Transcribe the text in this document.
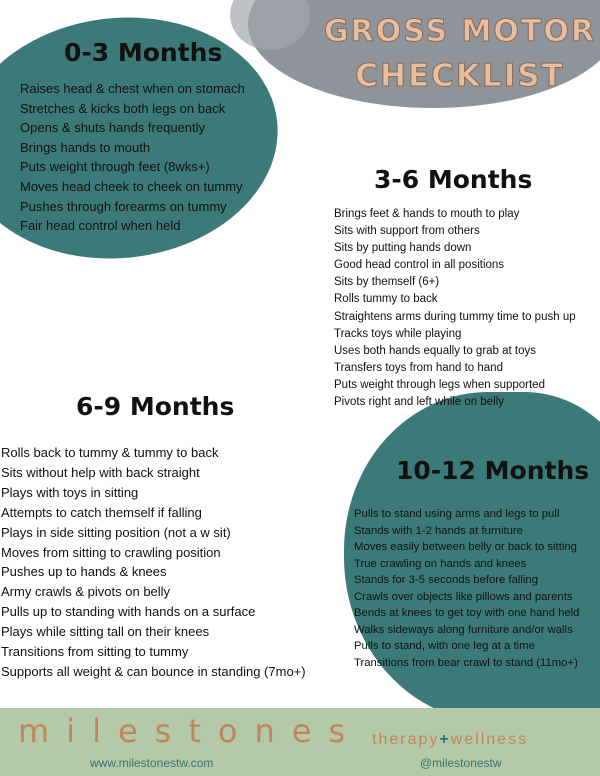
GROSS MOTOR
CHECKLIST
0-3 Months
Raises head & chest when on stomach
Stretches & kicks both legs on back
Opens & shuts hands frequently
Brings hands to mouth
Puts weight through feet (8wks+)
Moves head cheek to cheek on tummy
Pushes through forearms on tummy
Fair head control when held
3-6 Months
Brings feet & hands to mouth to play
Sits with support from others
Sits by putting hands down
Good head control in all positions
Sits by themself (6+)
Rolls tummy to back
Straightens arms during tummy time to push up
Tracks toys while playing
Uses both hands equally to grab at toys
Transfers toys from hand to hand
Puts weight through legs when supported
Pivots right and left while on belly
6-9 Months
Rolls back to tummy & tummy to back
Sits without help with back straight
Plays with toys in sitting
Attempts to catch themself if falling
Plays in side sitting position (not a w sit)
Moves from sitting to crawling position
Pushes up to hands & knees
Army crawls & pivots on belly
Pulls up to standing with hands on a surface
Plays while sitting tall on their knees
Transitions from sitting to tummy
Supports all weight & can bounce in standing (7mo+)
10-12 Months
Pulls to stand using arms and legs to pull
Stands with 1-2 hands at furniture
Moves easily between belly or back to sitting
True crawling on hands and knees
Stands for 3-5 seconds before falling
Crawls over objects like pillows and parents
Bends at knees to get toy with one hand held
Walks sideways along furniture and/or walls
Pulls to stand, with one leg at a time
Transitions from bear crawl to stand (11mo+)
milestones therapy+wellness
www.milestonestw.com	@milestonestw
